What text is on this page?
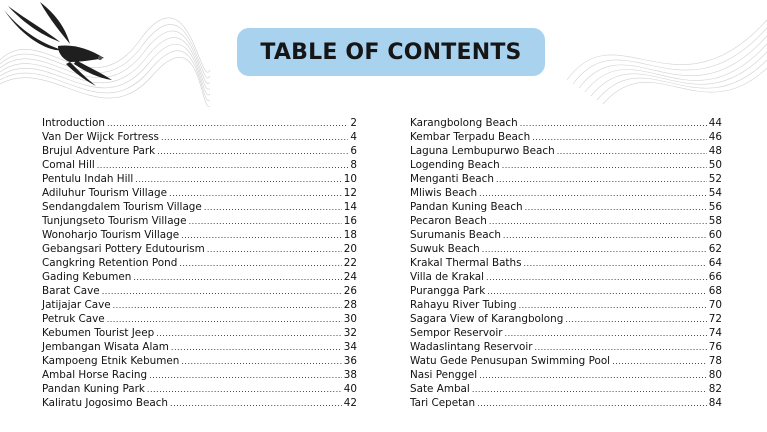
TABLE OF CONTENTS
Introduction .....	2
Van Der Wijck Fortress .....	4
Brujul Adventure Park .....	6
Comal Hill .....	8
Pentulu Indah Hill .....	10
Adiluhur Tourism Village .....	12
Sendangdalem Tourism Village .....	14
Tunjungseto Tourism Village .....	16
Wonoharjo Tourism Village .....	18
Gebangsari Pottery Edutourism .....	20
Cangkring Retention Pond .....	22
Gading Kebumen .....	24
Barat Cave .....	26
Jatijajar Cave .....	28
Petruk Cave .....	30
Kebumen Tourist Jeep .....	32
Jembangan Wisata Alam .....	34
Kampoeng Etnik Kebumen .....	36
Ambal Horse Racing .....	38
Pandan Kuning Park .....	40
Kaliratu Jogosimo Beach .....	42
Karangbolong Beach .....	44
Kembar Terpadu Beach .....	46
Laguna Lembupurwo Beach .....	48
Logending Beach .....	50
Menganti Beach .....	52
Mliwis Beach .....	54
Pandan Kuning Beach .....	56
Pecaron Beach .....	58
Surumanis Beach .....	60
Suwuk Beach .....	62
Krakal Thermal Baths .....	64
Villa de Krakal .....	66
Purangga Park .....	68
Rahayu River Tubing .....	70
Sagara View of Karangbolong .....	72
Sempor Reservoir .....	74
Wadaslintang Reservoir .....	76
Watu Gede Penusupan Swimming Pool .....	78
Nasi Penggel .....	80
Sate Ambal .....	82
Tari Cepetan .....	84
